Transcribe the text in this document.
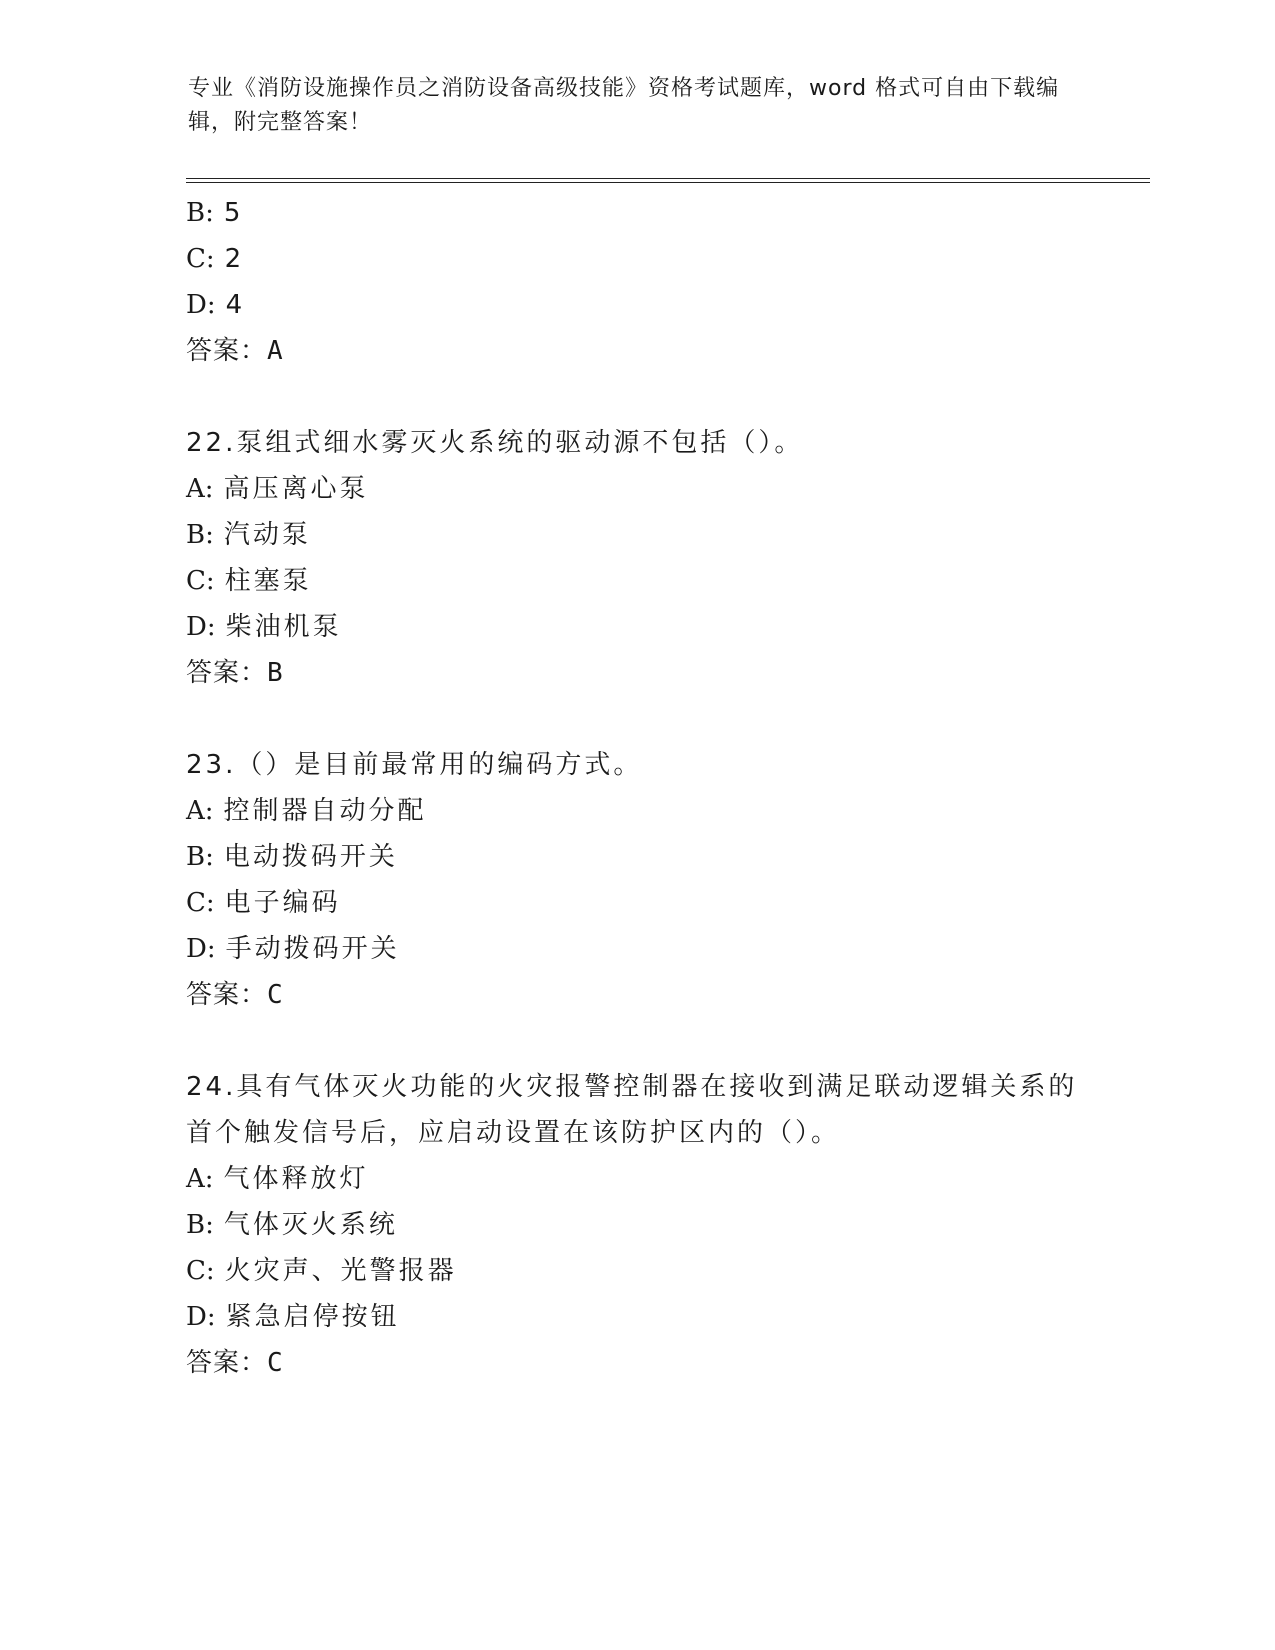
专业《消防设施操作员之消防设备高级技能》资格考试题库，word 格式可自由下载编辑，附完整答案！
B: 5
C: 2
D: 4
答案：A
22.泵组式细水雾灭火系统的驱动源不包括（）。
A: 高压离心泵
B: 汽动泵
C: 柱塞泵
D: 柴油机泵
答案：B
23.（）是目前最常用的编码方式。
A: 控制器自动分配
B: 电动拨码开关
C: 电子编码
D: 手动拨码开关
答案：C
24.具有气体灭火功能的火灾报警控制器在接收到满足联动逻辑关系的首个触发信号后，应启动设置在该防护区内的（）。
A: 气体释放灯
B: 气体灭火系统
C: 火灾声、光警报器
D: 紧急启停按钮
答案：C
